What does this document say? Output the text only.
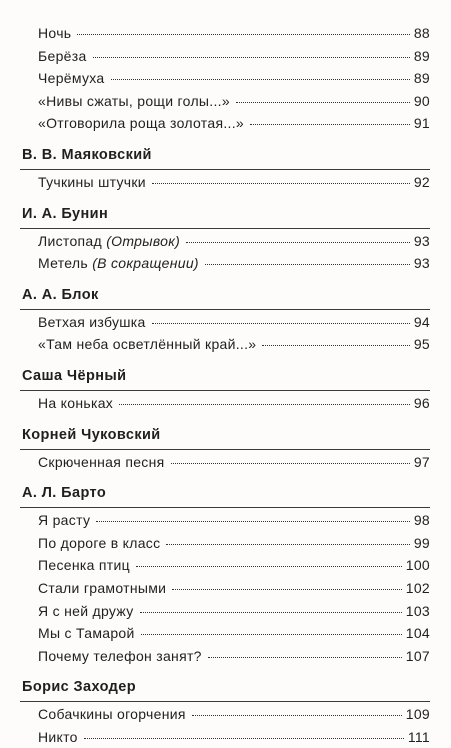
Ночь	88
Берёза	89
Черёмуха	89
«Нивы сжаты, рощи голы...»	90
«Отговорила роща золотая...»	91
В. В. Маяковский
Тучкины штучки	92
И. А. Бунин
Листопад (Отрывок)	93
Метель (В сокращении)	93
А. А. Блок
Ветхая избушка	94
«Там неба осветлённый край...»	95
Саша Чёрный
На коньках	96
Корней Чуковский
Скрюченная песня	97
А. Л. Барто
Я расту	98
По дороге в класс	99
Песенка птиц	100
Стали грамотными	102
Я с ней дружу	103
Мы с Тамарой	104
Почему телефон занят?	107
Борис Заходер
Собачкины огорчения	109
Никто	111
